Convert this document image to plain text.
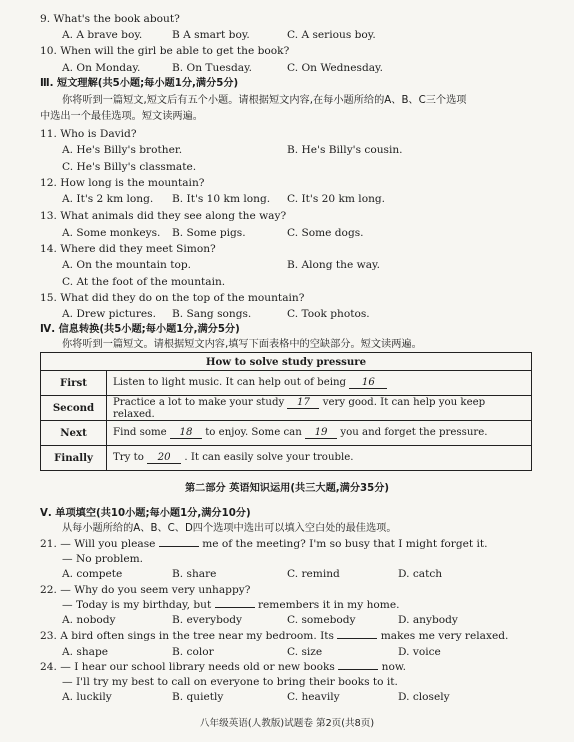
9. What's the book about?
A. A brave boy.	B A smart boy.	C. A serious boy.
10. When will the girl be able to get the book?
A. On Monday.	B. On Tuesday.	C. On Wednesday.
Ⅲ. 短文理解(共5小题;每小题1分,满分5分)
你将听到一篇短文,短文后有五个小题。请根据短文内容,在每小题所给的A、B、C三个选项
中选出一个最佳选项。短文读两遍。
11. Who is David?
A. He's Billy's brother.	B. He's Billy's cousin.
C. He's Billy's classmate.
12. How long is the mountain?
A. It's 2 km long. B. It's 10 km long. C. It's 20 km long.
13. What animals did they see along the way?
A. Some monkeys. B. Some pigs.	C. Some dogs.
14. Where did they meet Simon?
A. On the mountain top.	B. Along the way.
C. At the foot of the mountain.
15. What did they do on the top of the mountain?
A. Drew pictures. B. Sang songs.	C. Took photos.
Ⅳ. 信息转换(共5小题;每小题1分,满分5分)
你将听到一篇短文。请根据短文内容,填写下面表格中的空缺部分。短文读两遍。
How to solve study pressure	
First	Listen to light music. It can help out of being 16
Second	Practice a lot to make your study 17 very good. It can help you keep relaxed.
Next	Find some 18 to enjoy. Some can 19 you and forget the pressure.
Finally	Try to 20 . It can easily solve your trouble.
第二部分 英语知识运用(共三大题,满分35分)
Ⅴ. 单项填空(共10小题;每小题1分,满分10分)
从每小题所给的A、B、C、D四个选项中选出可以填入空白处的最佳选项。
21. — Will you please	me of the meeting? I'm so busy that I might forget it.
— No problem.
A. compete	B. share	C. remind	D. catch
22. — Why do you seem very unhappy?
— Today is my birthday, but	remembers it in my home.
A. nobody	B. everybody	C. somebody	D. anybody
23. A bird often sings in the tree near my bedroom. Its	makes me very relaxed.
A. shape	B. color	C. size	D. voice
24. — I hear our school library needs old or new books	now.
— I'll try my best to call on everyone to bring their books to it.
A. luckily	B. quietly	C. heavily	D. closely
八年级英语(人教版)试题卷 第2页(共8页)
